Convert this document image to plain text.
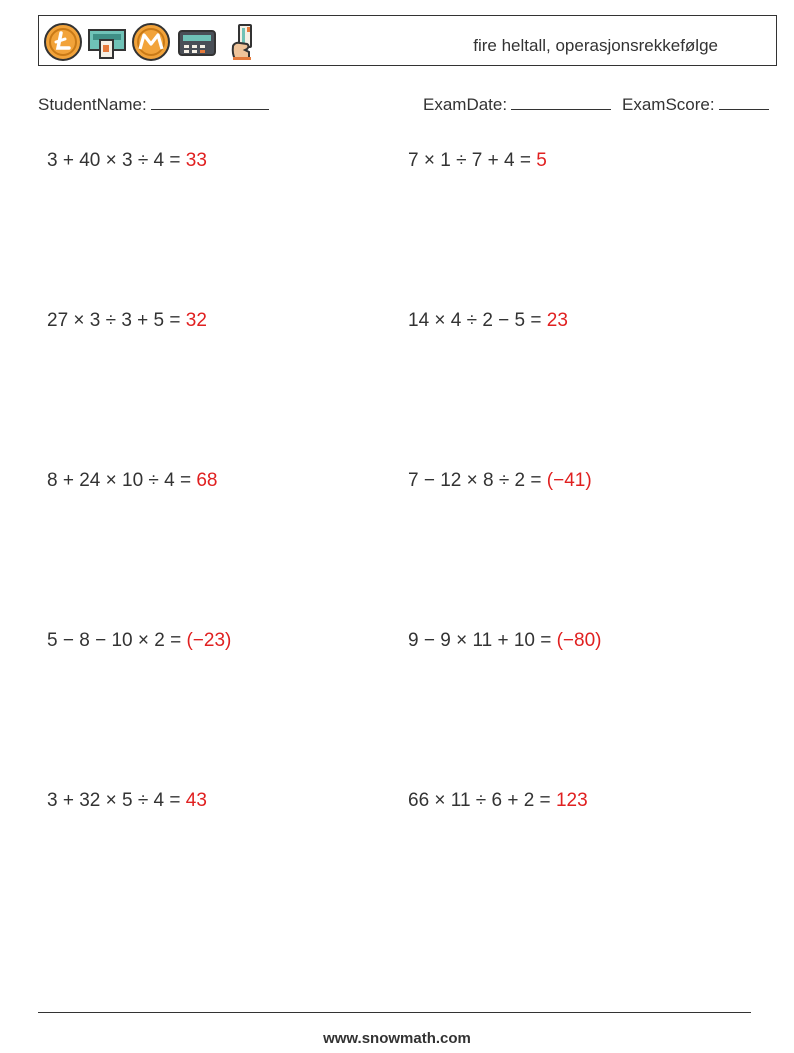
fire heltall, operasjonsrekkefølge
StudentName:	ExamDate:	ExamScore:
3 + 40 × 3 ÷ 4 = 33	7 × 1 ÷ 7 + 4 = 5
27 × 3 ÷ 3 + 5 = 32	14 × 4 ÷ 2 − 5 = 23
8 + 24 × 10 ÷ 4 = 68	7 − 12 × 8 ÷ 2 = (−41)
5 − 8 − 10 × 2 = (−23)	9 − 9 × 11 + 10 = (−80)
3 + 32 × 5 ÷ 4 = 43	66 × 11 ÷ 6 + 2 = 123
www.snowmath.com
